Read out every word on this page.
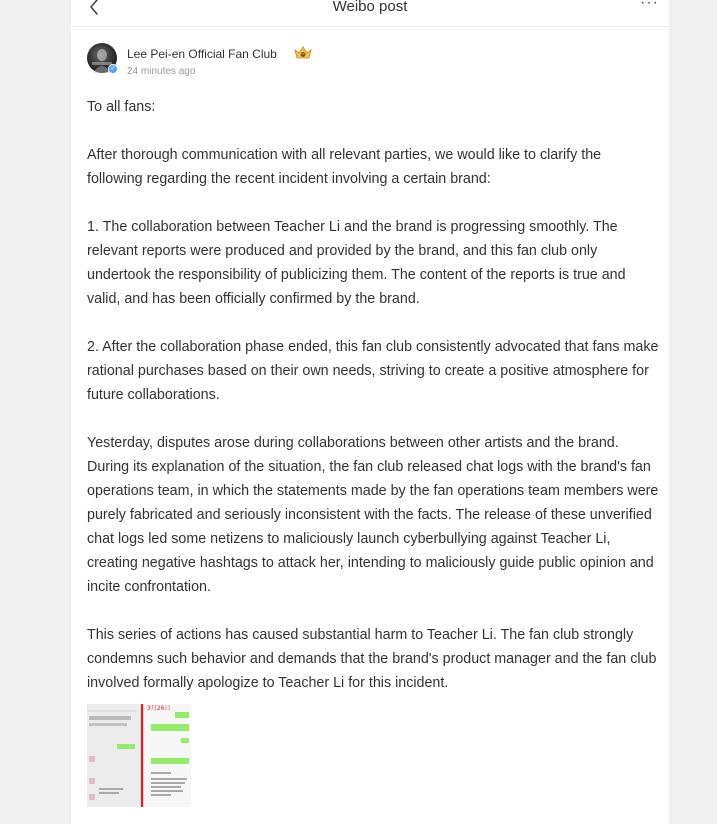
Weibo post	···
✓
Lee Pei-en Official Fan Club
24 minutes ago

To all fans:

After thorough communication with all relevant parties, we would like to clarify the following regarding the recent incident involving a certain brand:

1. The collaboration between Teacher Li and the brand is progressing smoothly. The relevant reports were produced and provided by the brand, and this fan club only undertook the responsibility of publicizing them. The content of the reports is true and valid, and has been officially confirmed by the brand.

2. After the collaboration phase ended, this fan club consistently advocated that fans make rational purchases based on their own needs, striving to create a positive atmosphere for future collaborations.

Yesterday, disputes arose during collaborations between other artists and the brand. During its explanation of the situation, the fan club released chat logs with the brand's fan operations team, in which the statements made by the fan operations team members were purely fabricated and seriously inconsistent with the facts. The release of these unverified chat logs led some netizens to maliciously launch cyberbullying against Teacher Li, creating negative hashtags to attack her, intending to maliciously guide public opinion and incite confrontation.

This series of actions has caused substantial harm to Teacher Li. The fan club strongly condemns such behavior and demands that the brand's product manager and the fan club involved formally apologize to Teacher Li for this incident.

3月26日
